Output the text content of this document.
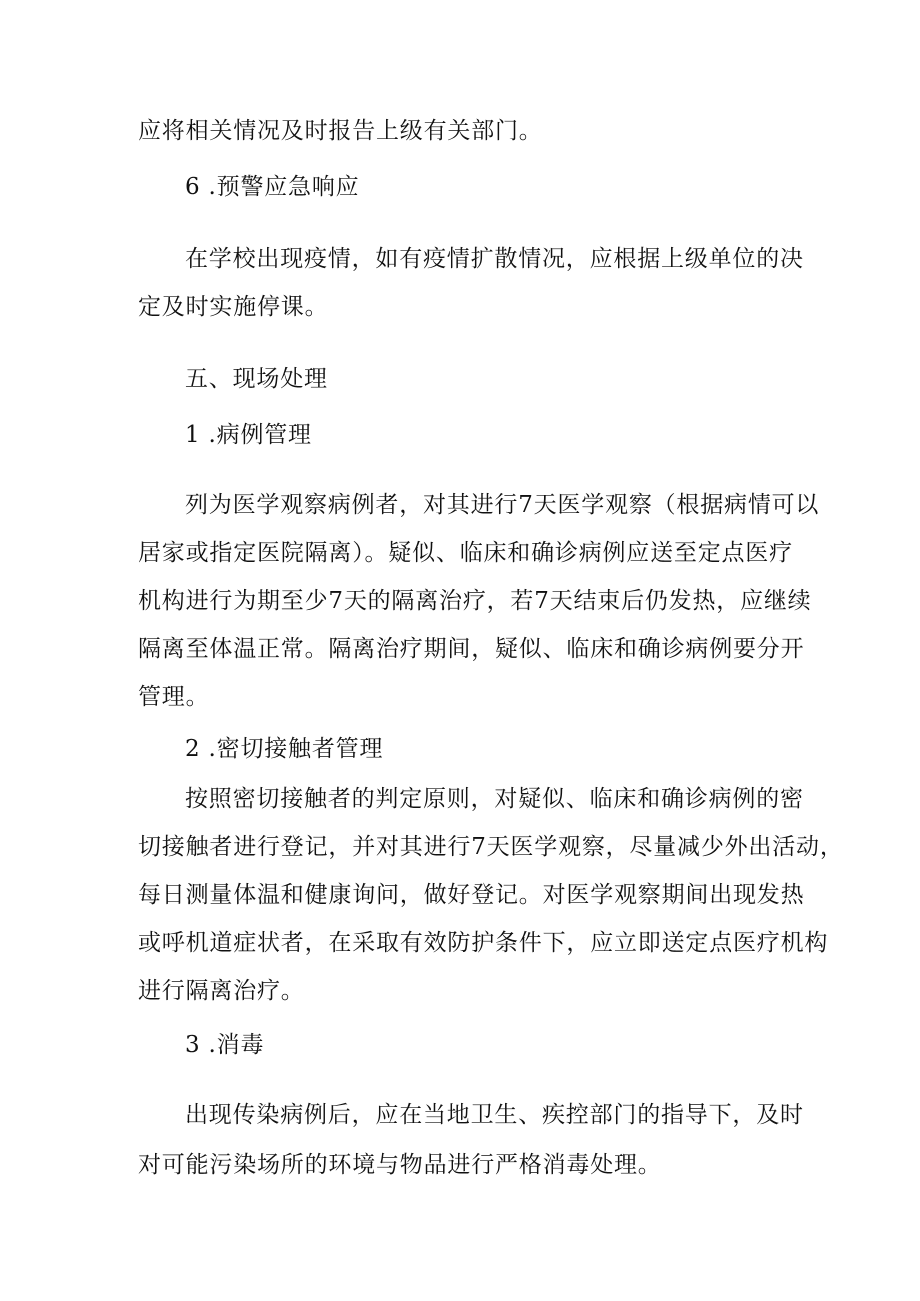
应将相关情况及时报告上级有关部门。
6 .预警应急响应
在学校出现疫情，如有疫情扩散情况，应根据上级单位的决
定及时实施停课。
五、现场处理
1 .病例管理
列为医学观察病例者，对其进行7天医学观察（根据病情可以
居家或指定医院隔离）。疑似、临床和确诊病例应送至定点医疗
机构进行为期至少7天的隔离治疗，若7天结束后仍发热，应继续
隔离至体温正常。隔离治疗期间，疑似、临床和确诊病例要分开
管理。
2 .密切接触者管理
按照密切接触者的判定原则，对疑似、临床和确诊病例的密
切接触者进行登记，并对其进行7天医学观察，尽量减少外出活动，
每日测量体温和健康询问，做好登记。对医学观察期间出现发热
或呼机道症状者，在采取有效防护条件下，应立即送定点医疗机构
进行隔离治疗。
3 .消毒
出现传染病例后，应在当地卫生、疾控部门的指导下，及时
对可能污染场所的环境与物品进行严格消毒处理。
